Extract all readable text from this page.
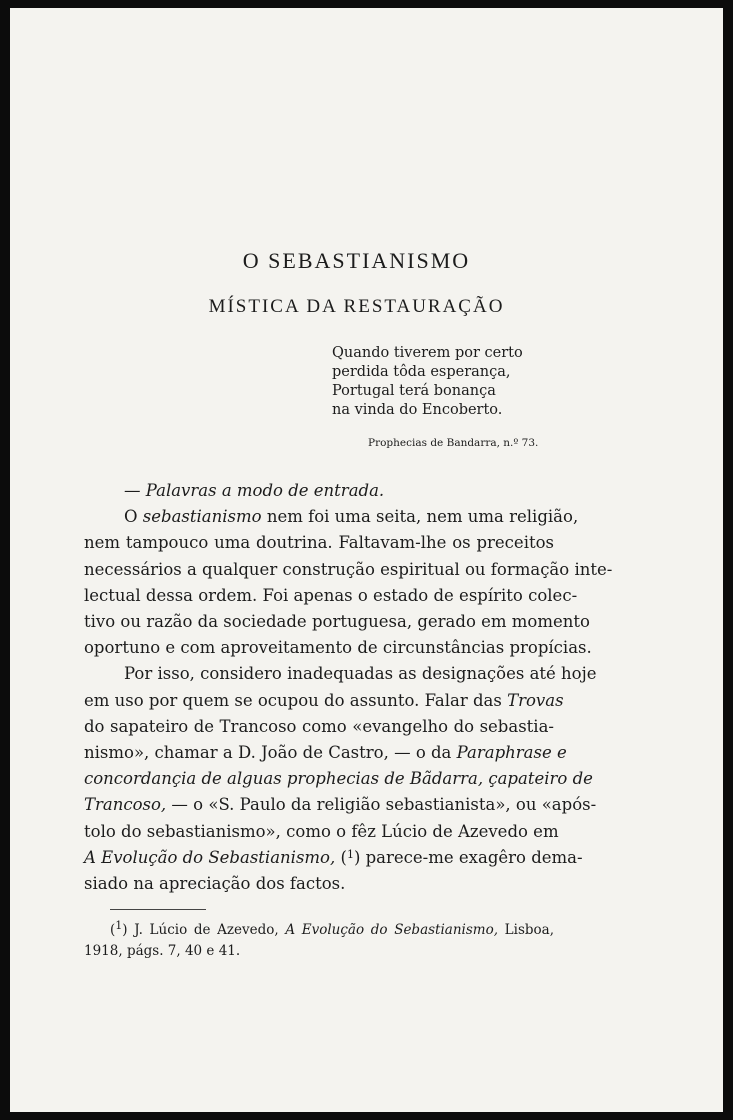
O SEBASTIANISMO
MÍSTICA DA RESTAURAÇÃO
Quando tiverem por certo
perdida tôda esperança,
Portugal terá bonança
na vinda do Encoberto.
Prophecias de Bandarra, n.º 73.
— Palavras a modo de entrada.
O sebastianismo nem foi uma seita, nem uma religião,
nem tampouco uma doutrina. Faltavam-lhe os preceitos
necessários a qualquer construção espiritual ou formação inte-
lectual dessa ordem. Foi apenas o estado de espírito colec-
tivo ou razão da sociedade portuguesa, gerado em momento
oportuno e com aproveitamento de circunstâncias propícias.
Por isso, considero inadequadas as designações até hoje
em uso por quem se ocupou do assunto. Falar das Trovas
do sapateiro de Trancoso como «evangelho do sebastia-
nismo», chamar a D. João de Castro, — o da Paraphrase e
concordançia de alguas prophecias de Bãdarra, çapateiro de
Trancoso, — o «S. Paulo da religião sebastianista», ou «após-
tolo do sebastianismo», como o fêz Lúcio de Azevedo em
A Evolução do Sebastianismo, ($^1$) parece-me exagêro dema-
siado na apreciação dos factos.
($^1$) J. Lúcio de Azevedo, A Evolução do Sebastianismo, Lisboa,
1918, págs. 7, 40 e 41.
